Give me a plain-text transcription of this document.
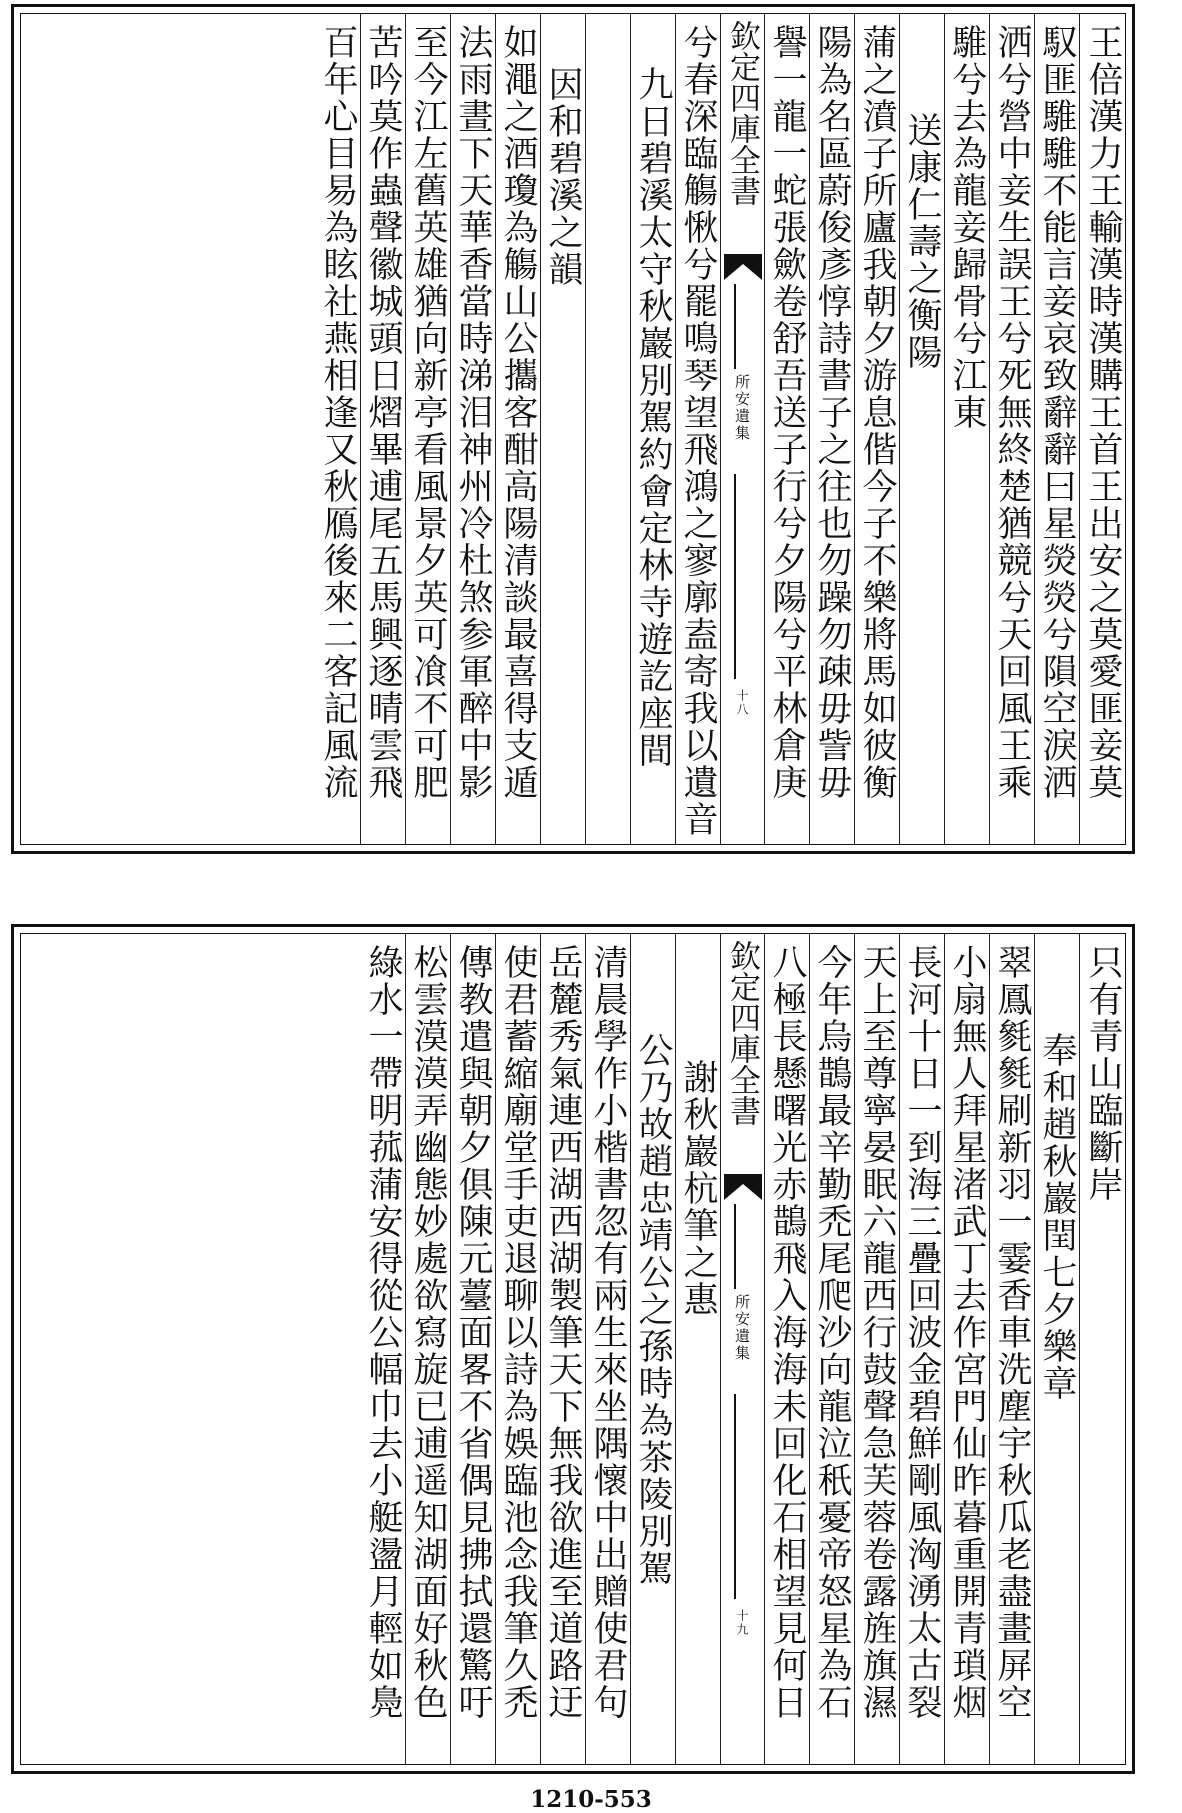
王倍漢力王輸漢時漢購王首王出安之莫愛匪妾莫
馭匪騅騅不能言妾哀致辭辭曰星熒熒兮隕空淚洒
洒兮營中妾生誤王兮死無終楚猶競兮天回風王乘
騅兮去為龍妾歸骨兮江東
送康仁壽之衡陽
蒲之濆子所廬我朝夕游息偕今子不樂將馬如彼衡
陽為名區蔚俊彥惇詩書子之往也勿躁勿疎毋訾毋
譽一龍一蛇張歛卷舒吾送子行兮夕陽兮平林倉庚
欽定四庫全書
所安遺集
十八
兮春深臨觴愀兮罷鳴琴望飛鴻之寥廓盍寄我以遺音
九日碧溪太守秋巖別駕約會定林寺遊訖座間
因和碧溪之韻
如澠之酒瓊為觴山公攜客酣高陽清談最喜得支遁
法雨晝下天華香當時涕泪神州冷杜煞参軍醉中影
至今江左舊英雄猶向新亭看風景夕英可飡不可肥
苦吟莫作蟲聲徽城頭日熠畢逋尾五馬興逐晴雲飛
百年心目易為眩社燕相逢又秋鴈後來二客記風流
只有青山臨斷岸
奉和趙秋巖閏七夕樂章
翠鳳毿毿刷新羽一霎香車洗塵宇秋瓜老盡畫屏空
小扇無人拜星渚武丁去作宮門仙昨暮重開青瑣烟
長河十日一到海三疊回波金碧鮮剛風洶湧太古裂
天上至尊寧晏眠六龍西行鼓聲急芙蓉卷露旌旗濕
今年烏鵲最辛勤禿尾爬沙向龍泣秖憂帝怒星為石
八極長懸曙光赤鵲飛入海海未回化石相望見何日
欽定四庫全書
所安遺集
十九
謝秋巖杭筆之惠
公乃故趙忠靖公之孫時為茶陵別駕
清晨學作小楷書忽有兩生來坐隅懷中出贈使君句
岳麓秀氣連西湖西湖製筆天下無我欲進至道路迂
使君蓄縮廟堂手吏退聊以詩為娛臨池念我筆久禿
傳教遣與朝夕俱陳元薹面畧不省偶見拂拭還驚吁
松雲漠漠弄幽態妙處欲寫旋已逋遥知湖面好秋色
綠水一帶明菰蒲安得從公幅巾去小艇盪月輕如鳧
1210-553
